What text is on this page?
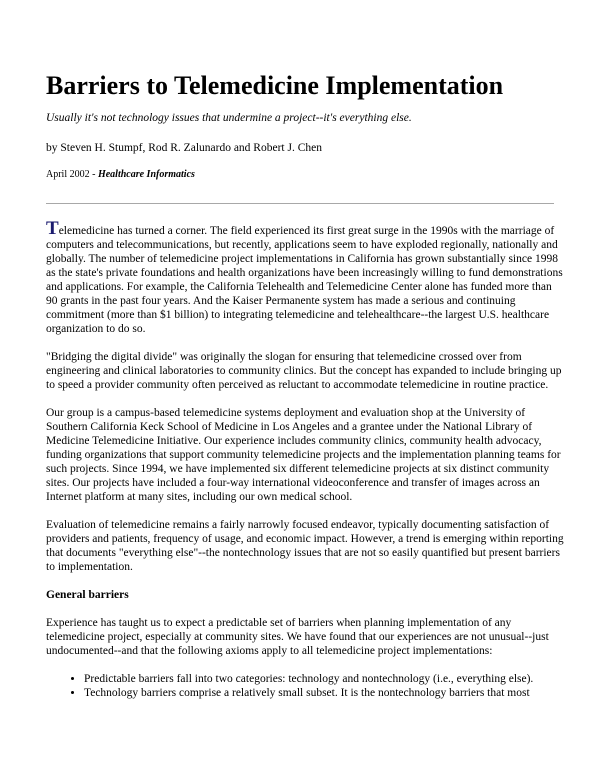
Barriers to Telemedicine Implementation
Usually it's not technology issues that undermine a project--it's everything else.
by Steven H. Stumpf, Rod R. Zalunardo and Robert J. Chen
April 2002 - Healthcare Informatics

Telemedicine has turned a corner. The field experienced its first great surge in the 1990s with the marriage of computers and telecommunications, but recently, applications seem to have exploded regionally, nationally and globally. The number of telemedicine project implementations in California has grown substantially since 1998 as the state's private foundations and health organizations have been increasingly willing to fund demonstrations and applications. For example, the California Telehealth and Telemedicine Center alone has funded more than 90 grants in the past four years. And the Kaiser Permanente system has made a serious and continuing commitment (more than $1 billion) to integrating telemedicine and telehealthcare--the largest U.S. healthcare organization to do so.

"Bridging the digital divide" was originally the slogan for ensuring that telemedicine crossed over from engineering and clinical laboratories to community clinics. But the concept has expanded to include bringing up to speed a provider community often perceived as reluctant to accommodate telemedicine in routine practice.

Our group is a campus-based telemedicine systems deployment and evaluation shop at the University of Southern California Keck School of Medicine in Los Angeles and a grantee under the National Library of Medicine Telemedicine Initiative. Our experience includes community clinics, community health advocacy, funding organizations that support community telemedicine projects and the implementation planning teams for such projects. Since 1994, we have implemented six different telemedicine projects at six distinct community sites. Our projects have included a four-way international videoconference and transfer of images across an Internet platform at many sites, including our own medical school.

Evaluation of telemedicine remains a fairly narrowly focused endeavor, typically documenting satisfaction of providers and patients, frequency of usage, and economic impact. However, a trend is emerging within reporting that documents "everything else"--the nontechnology issues that are not so easily quantified but present barriers to implementation.

General barriers

Experience has taught us to expect a predictable set of barriers when planning implementation of any telemedicine project, especially at community sites. We have found that our experiences are not unusual--just undocumented--and that the following axioms apply to all telemedicine project implementations:

• Predictable barriers fall into two categories: technology and nontechnology (i.e., everything else).
• Technology barriers comprise a relatively small subset. It is the nontechnology barriers that most
